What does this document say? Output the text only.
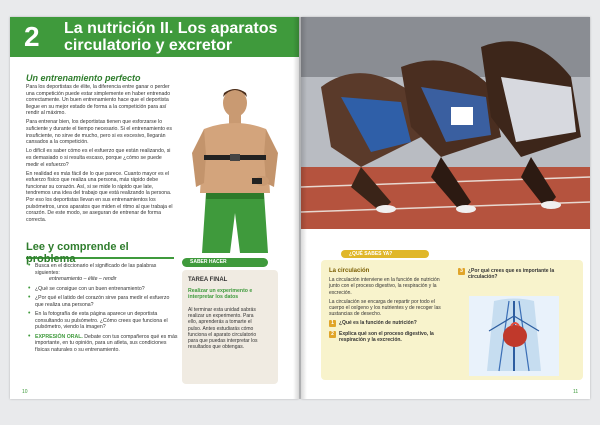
2 La nutrición II. Los aparatos circulatorio y excretor
Un entrenamiento perfecto

Para los deportistas de élite, la diferencia entre ganar o perder una competición puede estar simplemente en haber entrenado correctamente. Un buen entrenamiento hace que el deportista llegue en su mejor estado de forma a la competición para así rendir al máximo.

Para entrenar bien, los deportistas tienen que esforzarse lo suficiente y durante el tiempo necesario. Si el entrenamiento es insuficiente, no sirve de mucho, pero si es excesivo, llegarán cansados a la competición.

Lo difícil es saber cómo es el esfuerzo que están realizando, si es demasiado o si resulta escaso, porque ¿cómo se puede medir el esfuerzo?

En realidad es más fácil de lo que parece. Cuanto mayor es el esfuerzo físico que realiza una persona, más rápido debe funcionar su corazón. Así, si se mide lo rápido que late, tendremos una idea del trabajo que está realizando la persona. Por eso los deportistas llevan en sus entrenamientos los pulsómetros, unos aparatos que miden el ritmo al que trabaja el corazón. De este modo, se aseguran de entrenar de forma correcta.

Lee y comprende el problema
• Busca en el diccionario el significado de las palabras siguientes:
entrenamiento – élite – rendir
• ¿Qué se consigue con un buen entrenamiento?
• ¿Por qué el latido del corazón sirve para medir el esfuerzo que realiza una persona?
• En la fotografía de esta página aparece un deportista consultando su pulsómetro. ¿Cómo crees que funciona el pulsómetro, viendo la imagen?
• EXPRESIÓN ORAL. Debate con tus compañeros qué es más importante, en tu opinión, para un atleta, sus condiciones físicas naturales o su entrenamiento.
SABER HACER
TAREA FINAL
Realizar un experimento e interpretar los datos
Al terminar esta unidad sabrás realizar un experimento. Para ello, aprenderás a tomarte el pulso. Antes estudiarás cómo funciona el aparato circulatorio para que puedas interpretar los resultados que obtengas.
10
¿QUÉ SABES YA?
La circulación

La circulación interviene en la función de nutrición junto con el proceso digestivo, la respiración y la excreción.

La circulación se encarga de repartir por todo el cuerpo el oxígeno y los nutrientes y de recoger las sustancias de desecho.

1	¿Qué es la función de nutrición?
2	Explica qué son el proceso digestivo, la respiración y la excreción.
3	¿Por qué crees que es importante la circulación?
11
